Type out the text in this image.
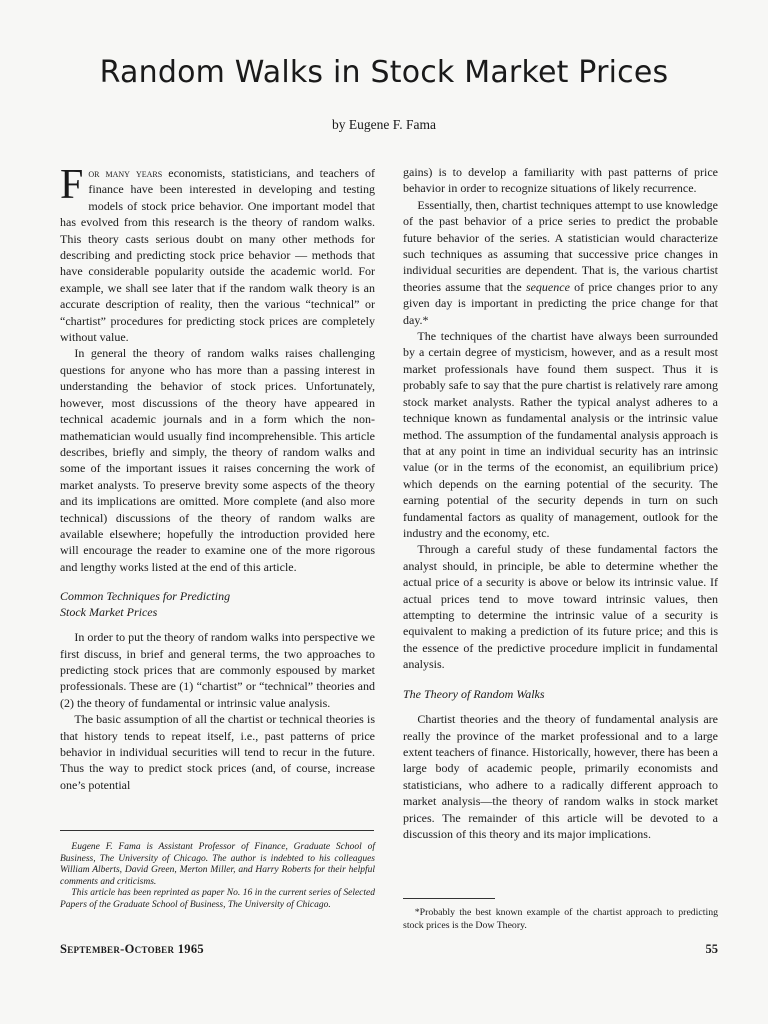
Random Walks in Stock Market Prices
by Eugene F. Fama

For many years economists, statisticians, and teachers of finance have been interested in developing and testing models of stock price behavior. One important model that has evolved from this research is the theory of random walks. This theory casts serious doubt on many other methods for describing and predicting stock price behavior — methods that have considerable popularity outside the academic world. For example, we shall see later that if the random walk theory is an accurate description of reality, then the various “technical” or “chartist” procedures for predicting stock prices are completely without value.

In general the theory of random walks raises challenging questions for anyone who has more than a passing interest in understanding the behavior of stock prices. Unfortunately, however, most discussions of the theory have appeared in technical academic journals and in a form which the non-mathematician would usually find incomprehensible. This article describes, briefly and simply, the theory of random walks and some of the important issues it raises concerning the work of market analysts. To preserve brevity some aspects of the theory and its implications are omitted. More complete (and also more technical) discussions of the theory of random walks are available elsewhere; hopefully the introduction provided here will encourage the reader to examine one of the more rigorous and lengthy works listed at the end of this article.

Common Techniques for Predicting
Stock Market Prices

In order to put the theory of random walks into perspective we first discuss, in brief and general terms, the two approaches to predicting stock prices that are commonly espoused by market professionals. These are (1) “chartist” or “technical” theories and (2) the theory of fundamental or intrinsic value analysis.

The basic assumption of all the chartist or technical theories is that history tends to repeat itself, i.e., past patterns of price behavior in individual securities will tend to recur in the future. Thus the way to predict stock prices (and, of course, increase one’s potential

gains) is to develop a familiarity with past patterns of price behavior in order to recognize situations of likely recurrence.

Essentially, then, chartist techniques attempt to use knowledge of the past behavior of a price series to predict the probable future behavior of the series. A statistician would characterize such techniques as assuming that successive price changes in individual securities are dependent. That is, the various chartist theories assume that the sequence of price changes prior to any given day is important in predicting the price change for that day.*

The techniques of the chartist have always been surrounded by a certain degree of mysticism, however, and as a result most market professionals have found them suspect. Thus it is probably safe to say that the pure chartist is relatively rare among stock market analysts. Rather the typical analyst adheres to a technique known as fundamental analysis or the intrinsic value method. The assumption of the fundamental analysis approach is that at any point in time an individual security has an intrinsic value (or in the terms of the economist, an equilibrium price) which depends on the earning potential of the security. The earning potential of the security depends in turn on such fundamental factors as quality of management, outlook for the industry and the economy, etc.

Through a careful study of these fundamental factors the analyst should, in principle, be able to determine whether the actual price of a security is above or below its intrinsic value. If actual prices tend to move toward intrinsic values, then attempting to determine the intrinsic value of a security is equivalent to making a prediction of its future price; and this is the essence of the predictive procedure implicit in fundamental analysis.

The Theory of Random Walks

Chartist theories and the theory of fundamental analysis are really the province of the market professional and to a large extent teachers of finance. Historically, however, there has been a large body of academic people, primarily economists and statisticians, who adhere to a radically different approach to market analysis—the theory of random walks in stock market prices. The remainder of this article will be devoted to a discussion of this theory and its major implications.

Eugene F. Fama is Assistant Professor of Finance, Graduate School of Business, The University of Chicago. The author is indebted to his colleagues William Alberts, David Green, Merton Miller, and Harry Roberts for their helpful comments and criticisms.

This article has been reprinted as paper No. 16 in the current series of Selected Papers of the Graduate School of Business, The University of Chicago.

*Probably the best known example of the chartist approach to predicting stock prices is the Dow Theory.
September-October 1965	55
